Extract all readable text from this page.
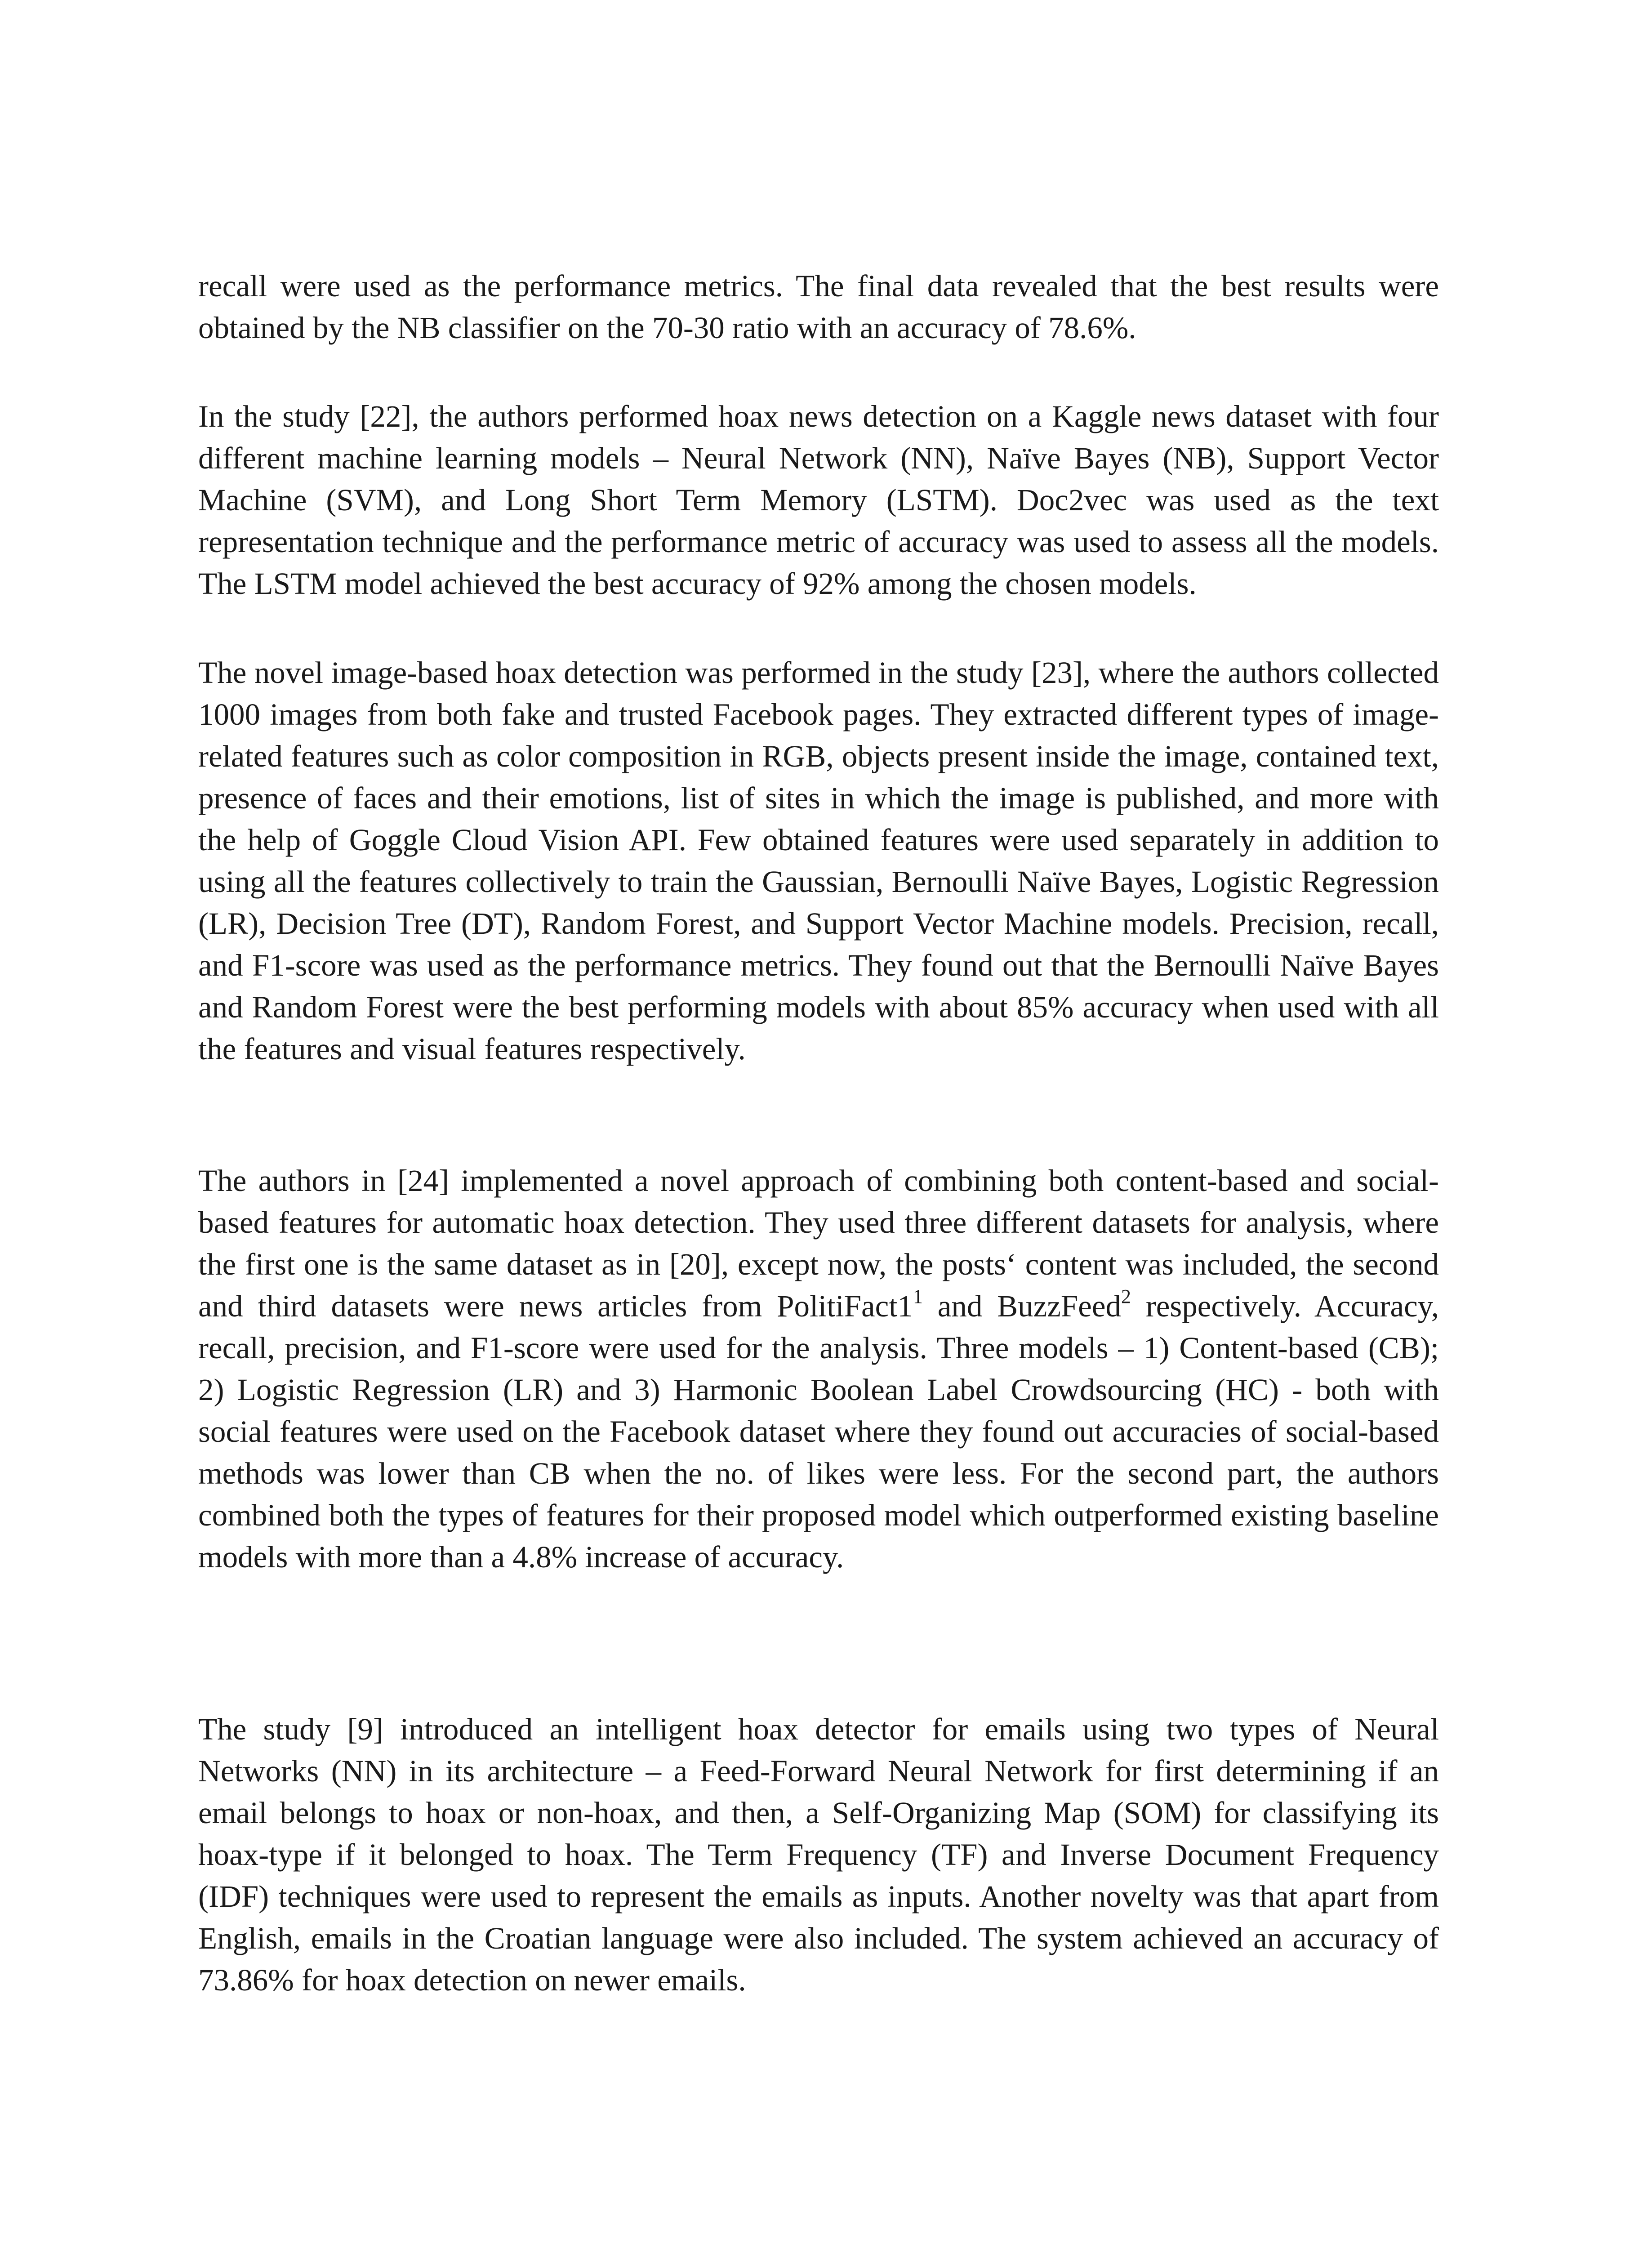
recall were used as the performance metrics. The final data revealed that the best results were obtained by the NB classifier on the 70-30 ratio with an accuracy of 78.6%.

In the study [22], the authors performed hoax news detection on a Kaggle news dataset with four different machine learning models – Neural Network (NN), Naïve Bayes (NB), Support Vector Machine (SVM), and Long Short Term Memory (LSTM). Doc2vec was used as the text representation technique and the performance metric of accuracy was used to assess all the models. The LSTM model achieved the best accuracy of 92% among the chosen models.

The novel image-based hoax detection was performed in the study [23], where the authors collected 1000 images from both fake and trusted Facebook pages. They extracted different types of image-related features such as color composition in RGB, objects present inside the image, contained text, presence of faces and their emotions, list of sites in which the image is published, and more with the help of Goggle Cloud Vision API. Few obtained features were used separately in addition to using all the features collectively to train the Gaussian, Bernoulli Naïve Bayes, Logistic Regression (LR), Decision Tree (DT), Random Forest, and Support Vector Machine models. Precision, recall, and F1-score was used as the performance metrics. They found out that the Bernoulli Naïve Bayes and Random Forest were the best performing models with about 85% accuracy when used with all the features and visual features respectively.

The authors in [24] implemented a novel approach of combining both content-based and social-based features for automatic hoax detection. They used three different datasets for analysis, where the first one is the same dataset as in [20], except now, the posts‘ content was included, the second and third datasets were news articles from $PolitiFact1^1$ and BuzzFeed$^2$ respectively. Accuracy, recall, precision, and F1-score were used for the analysis. Three models – 1) Content-based (CB); 2) Logistic Regression (LR) and 3) Harmonic Boolean Label Crowdsourcing (HC) - both with social features were used on the Facebook dataset where they found out accuracies of social-based methods was lower than CB when the no. of likes were less. For the second part, the authors combined both the types of features for their proposed model which outperformed existing baseline models with more than a 4.8% increase of accuracy.

The study [9] introduced an intelligent hoax detector for emails using two types of Neural Networks (NN) in its architecture – a Feed-Forward Neural Network for first determining if an email belongs to hoax or non-hoax, and then, a Self-Organizing Map (SOM) for classifying its hoax-type if it belonged to hoax. The Term Frequency (TF) and Inverse Document Frequency (IDF) techniques were used to represent the emails as inputs. Another novelty was that apart from English, emails in the Croatian language were also included. The system achieved an accuracy of 73.86% for hoax detection on newer emails.
